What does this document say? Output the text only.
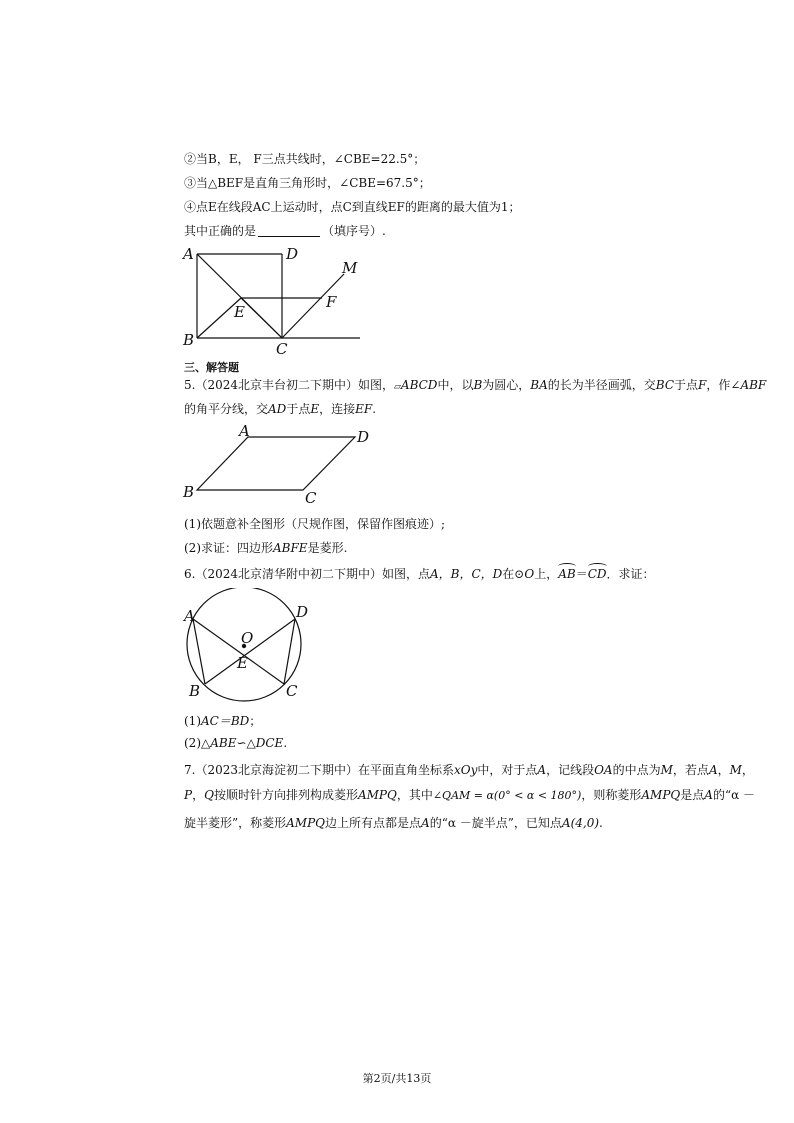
②当B，E， F三点共线时，∠CBE=22.5°；
③当△BEF是直角三角形时，∠CBE=67.5°；
④点E在线段AC上运动时，点C到直线EF的距离的最大值为1；
其中正确的是	（填序号）.
A	D
M
E
F
B	C
三、解答题
5.（2024北京丰台初二下期中）如图，▱ABCD中，以B为圆心，BA的长为半径画弧，交BC于点F，作∠ABF
的角平分线，交AD于点E，连接EF.
A	D
B	C
(1)依题意补全图形（尺规作图，保留作图痕迹）;
(2)求证：四边形ABFE是菱形.
6.（2024北京清华附中初二下期中）如图，点A，B，C，D在⊙O上，AB＝CD．求证：
A	D
O
E
B	C
(1)AC＝BD；
(2)△ABE∽△DCE.
7.（2023北京海淀初二下期中）在平面直角坐标系xOy中，对于点A，记线段OA的中点为M，若点A，M，
P，Q按顺时针方向排列构成菱形AMPQ，其中∠QAM = α(0° < α < 180°)，则称菱形AMPQ是点A的“α －
旋半菱形”，称菱形AMPQ边上所有点都是点A的“α －旋半点”，已知点A(4,0).
第2页/共13页
